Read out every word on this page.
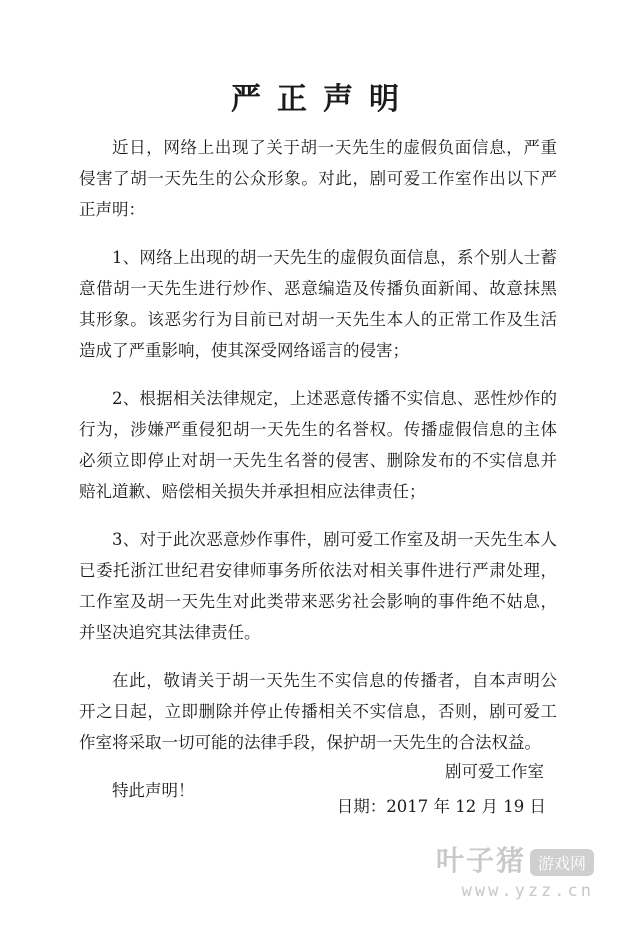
严正声明

近日，网络上出现了关于胡一天先生的虚假负面信息，严重侵害了胡一天先生的公众形象。对此，剧可爱工作室作出以下严正声明：

1、网络上出现的胡一天先生的虚假负面信息，系个别人士蓄意借胡一天先生进行炒作、恶意编造及传播负面新闻、故意抹黑其形象。该恶劣行为目前已对胡一天先生本人的正常工作及生活造成了严重影响，使其深受网络谣言的侵害；

2、根据相关法律规定，上述恶意传播不实信息、恶性炒作的行为，涉嫌严重侵犯胡一天先生的名誉权。传播虚假信息的主体必须立即停止对胡一天先生名誉的侵害、删除发布的不实信息并赔礼道歉、赔偿相关损失并承担相应法律责任；

3、对于此次恶意炒作事件，剧可爱工作室及胡一天先生本人已委托浙江世纪君安律师事务所依法对相关事件进行严肃处理，工作室及胡一天先生对此类带来恶劣社会影响的事件绝不姑息，并坚决追究其法律责任。

在此，敬请关于胡一天先生不实信息的传播者，自本声明公开之日起，立即删除并停止传播相关不实信息，否则，剧可爱工作室将采取一切可能的法律手段，保护胡一天先生的合法权益。

特此声明！

剧可爱工作室
日期：2017 年 12 月 19 日
叶子猪 游戏网
www.yzz.cn
